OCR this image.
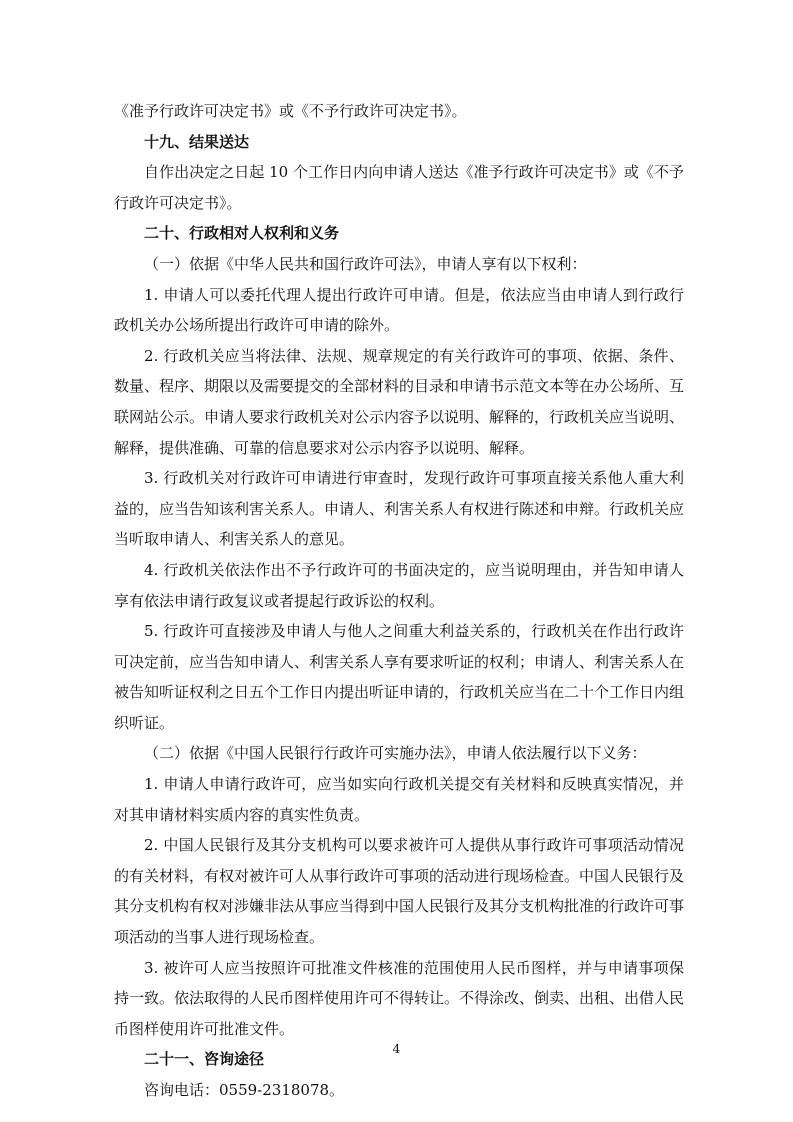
《准予行政许可决定书》或《不予行政许可决定书》。

十九、结果送达

自作出决定之日起 10 个工作日内向申请人送达《准予行政许可决定书》或《不予行政许可决定书》。

二十、行政相对人权利和义务

（一）依据《中华人民共和国行政许可法》，申请人享有以下权利：

1. 申请人可以委托代理人提出行政许可申请。但是，依法应当由申请人到行政行政机关办公场所提出行政许可申请的除外。

2. 行政机关应当将法律、法规、规章规定的有关行政许可的事项、依据、条件、数量、程序、期限以及需要提交的全部材料的目录和申请书示范文本等在办公场所、互联网站公示。申请人要求行政机关对公示内容予以说明、解释的，行政机关应当说明、解释，提供准确、可靠的信息要求对公示内容予以说明、解释。

3. 行政机关对行政许可申请进行审查时，发现行政许可事项直接关系他人重大利益的，应当告知该利害关系人。申请人、利害关系人有权进行陈述和申辩。行政机关应当听取申请人、利害关系人的意见。

4. 行政机关依法作出不予行政许可的书面决定的，应当说明理由，并告知申请人享有依法申请行政复议或者提起行政诉讼的权利。

5. 行政许可直接涉及申请人与他人之间重大利益关系的，行政机关在作出行政许可决定前，应当告知申请人、利害关系人享有要求听证的权利；申请人、利害关系人在被告知听证权利之日五个工作日内提出听证申请的，行政机关应当在二十个工作日内组织听证。

（二）依据《中国人民银行行政许可实施办法》，申请人依法履行以下义务：

1. 申请人申请行政许可，应当如实向行政机关提交有关材料和反映真实情况，并对其申请材料实质内容的真实性负责。

2. 中国人民银行及其分支机构可以要求被许可人提供从事行政许可事项活动情况的有关材料，有权对被许可人从事行政许可事项的活动进行现场检查。中国人民银行及其分支机构有权对涉嫌非法从事应当得到中国人民银行及其分支机构批准的行政许可事项活动的当事人进行现场检查。

3. 被许可人应当按照许可批准文件核准的范围使用人民币图样，并与申请事项保持一致。依法取得的人民币图样使用许可不得转让。不得涂改、倒卖、出租、出借人民币图样使用许可批准文件。

二十一、咨询途径

咨询电话：0559-2318078。

4
